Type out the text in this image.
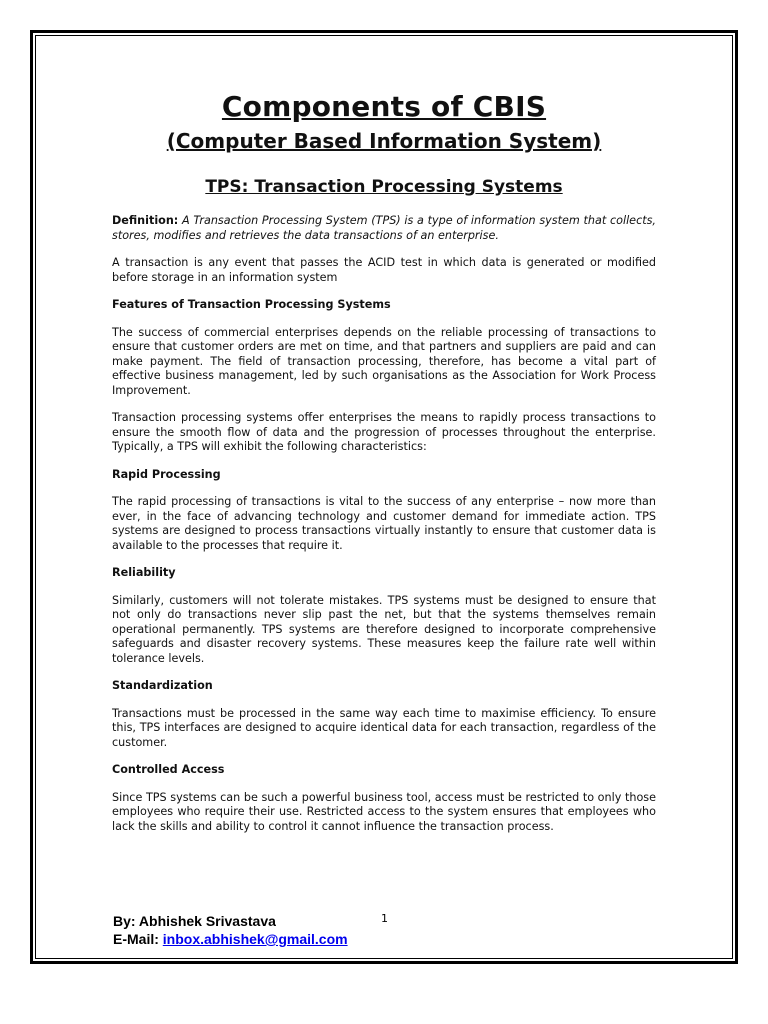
Components of CBIS
(Computer Based Information System)
TPS: Transaction Processing Systems

Definition: A Transaction Processing System (TPS) is a type of information system that collects, stores, modifies and retrieves the data transactions of an enterprise.

A transaction is any event that passes the ACID test in which data is generated or modified before storage in an information system

Features of Transaction Processing Systems

The success of commercial enterprises depends on the reliable processing of transactions to ensure that customer orders are met on time, and that partners and suppliers are paid and can make payment. The field of transaction processing, therefore, has become a vital part of effective business management, led by such organisations as the Association for Work Process Improvement.

Transaction processing systems offer enterprises the means to rapidly process transactions to ensure the smooth flow of data and the progression of processes throughout the enterprise. Typically, a TPS will exhibit the following characteristics:

Rapid Processing

The rapid processing of transactions is vital to the success of any enterprise – now more than ever, in the face of advancing technology and customer demand for immediate action. TPS systems are designed to process transactions virtually instantly to ensure that customer data is available to the processes that require it.

Reliability

Similarly, customers will not tolerate mistakes. TPS systems must be designed to ensure that not only do transactions never slip past the net, but that the systems themselves remain operational permanently. TPS systems are therefore designed to incorporate comprehensive safeguards and disaster recovery systems. These measures keep the failure rate well within tolerance levels.

Standardization

Transactions must be processed in the same way each time to maximise efficiency. To ensure this, TPS interfaces are designed to acquire identical data for each transaction, regardless of the customer.

Controlled Access

Since TPS systems can be such a powerful business tool, access must be restricted to only those employees who require their use. Restricted access to the system ensures that employees who lack the skills and ability to control it cannot influence the transaction process.

By: Abhishek Srivastava
E-Mail: inbox.abhishek@gmail.com
1
